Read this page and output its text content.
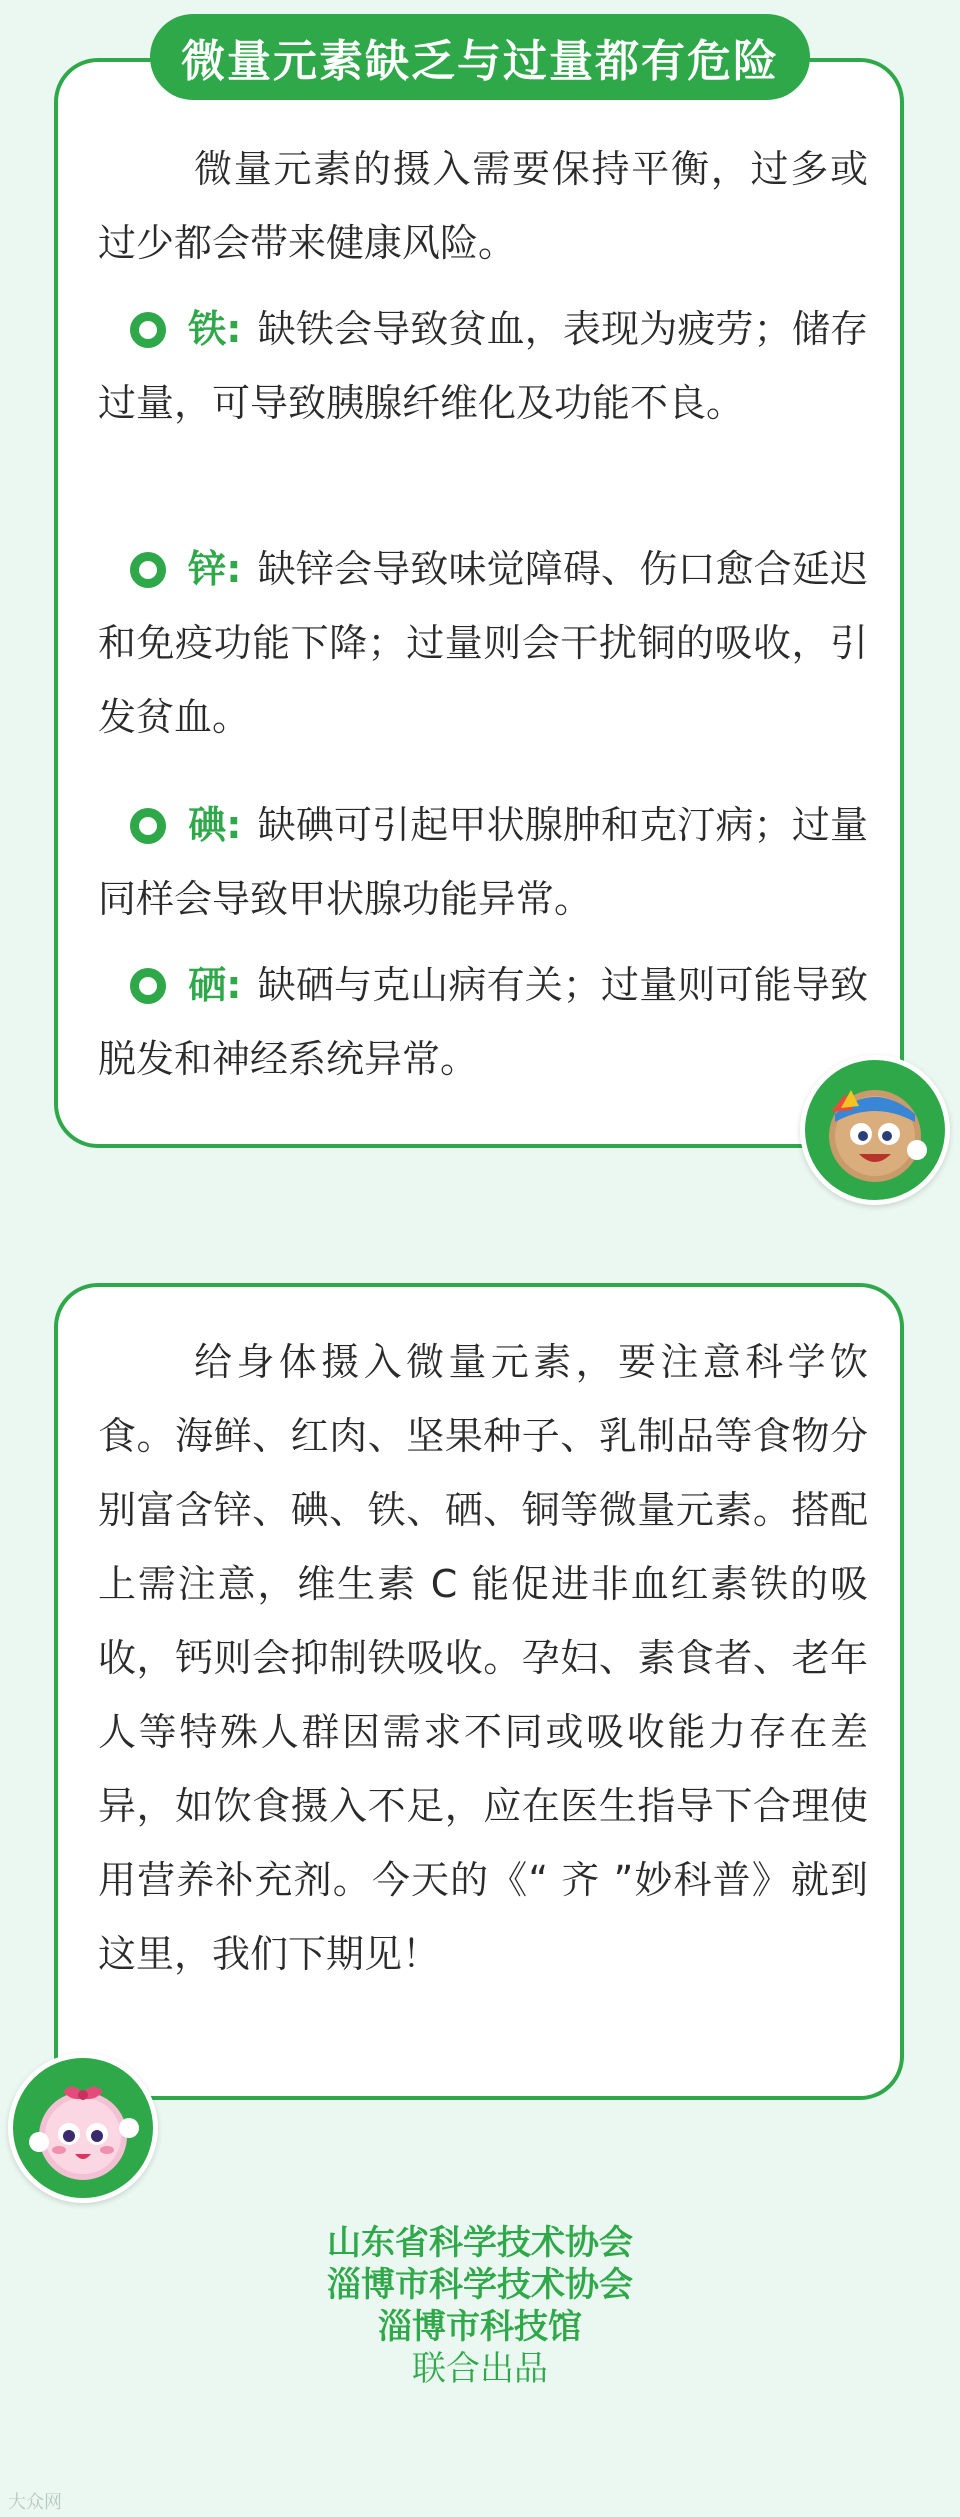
微量元素的摄入需要保持平衡，过多或过少都会带来健康风险。
铁: 缺铁会导致贫血，表现为疲劳；储存过量，可导致胰腺纤维化及功能不良。
锌: 缺锌会导致味觉障碍、伤口愈合延迟和免疫功能下降；过量则会干扰铜的吸收，引发贫血。
碘: 缺碘可引起甲状腺肿和克汀病；过量同样会导致甲状腺功能异常。
硒: 缺硒与克山病有关；过量则可能导致脱发和神经系统异常。
微量元素缺乏与过量都有危险
给身体摄入微量元素，要注意科学饮食。海鲜、红肉、坚果种子、乳制品等食物分别富含锌、碘、铁、硒、铜等微量元素。搭配上需注意，维生素 C 能促进非血红素铁的吸收，钙则会抑制铁吸收。孕妇、素食者、老年人等特殊人群因需求不同或吸收能力存在差异，如饮食摄入不足，应在医生指导下合理使用营养补充剂。今天的《“ 齐 ”妙科普》就到这里，我们下期见！
山东省科学技术协会
淄博市科学技术协会
淄博市科技馆
联合出品
大众网
